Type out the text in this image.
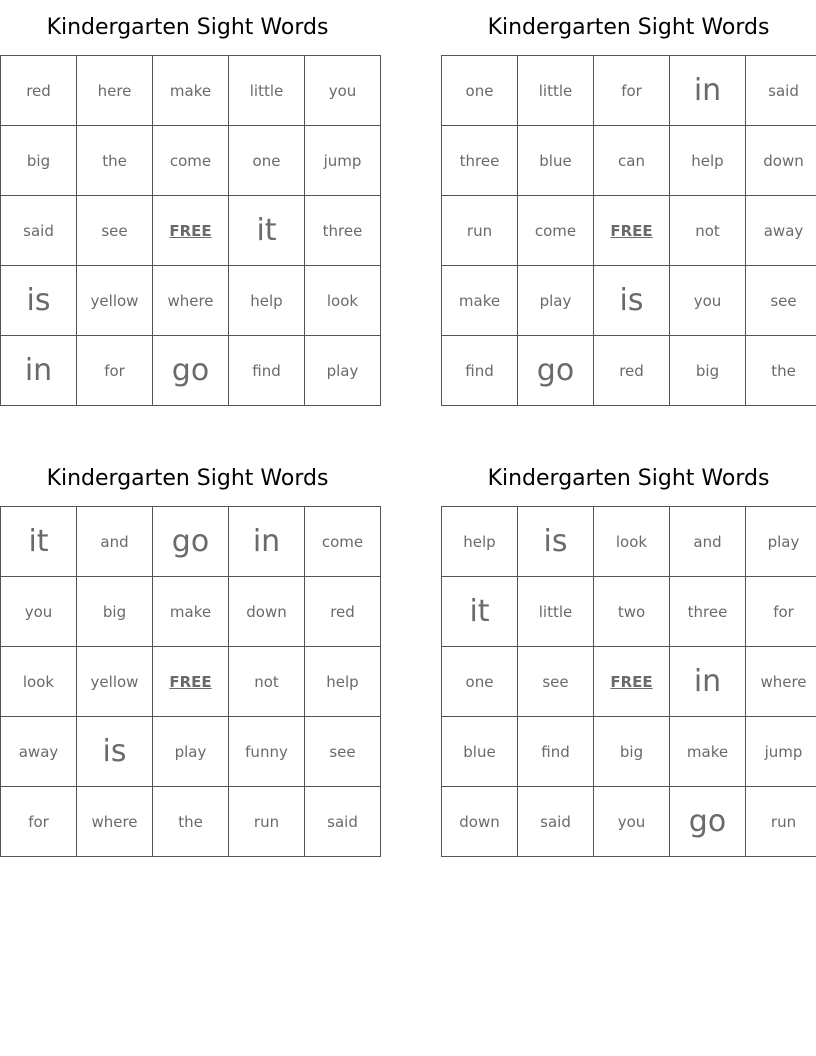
Kindergarten Sight Words
red	here	make	little	you
big	the	come	one	jump
said	see	FREE	it	three
is	yellow	where	help	look
in	for	go	find	play
Kindergarten Sight Words
one	little	for	in	said
three	blue	can	help	down
run	come	FREE	not	away
make	play	is	you	see
find	go	red	big	the
Kindergarten Sight Words
it	and	go	in	come
you	big	make	down	red
look	yellow	FREE	not	help
away	is	play	funny	see
for	where	the	run	said
Kindergarten Sight Words
help	is	look	and	play
it	little	two	three	for
one	see	FREE	in	where
blue	find	big	make	jump
down	said	you	go	run
